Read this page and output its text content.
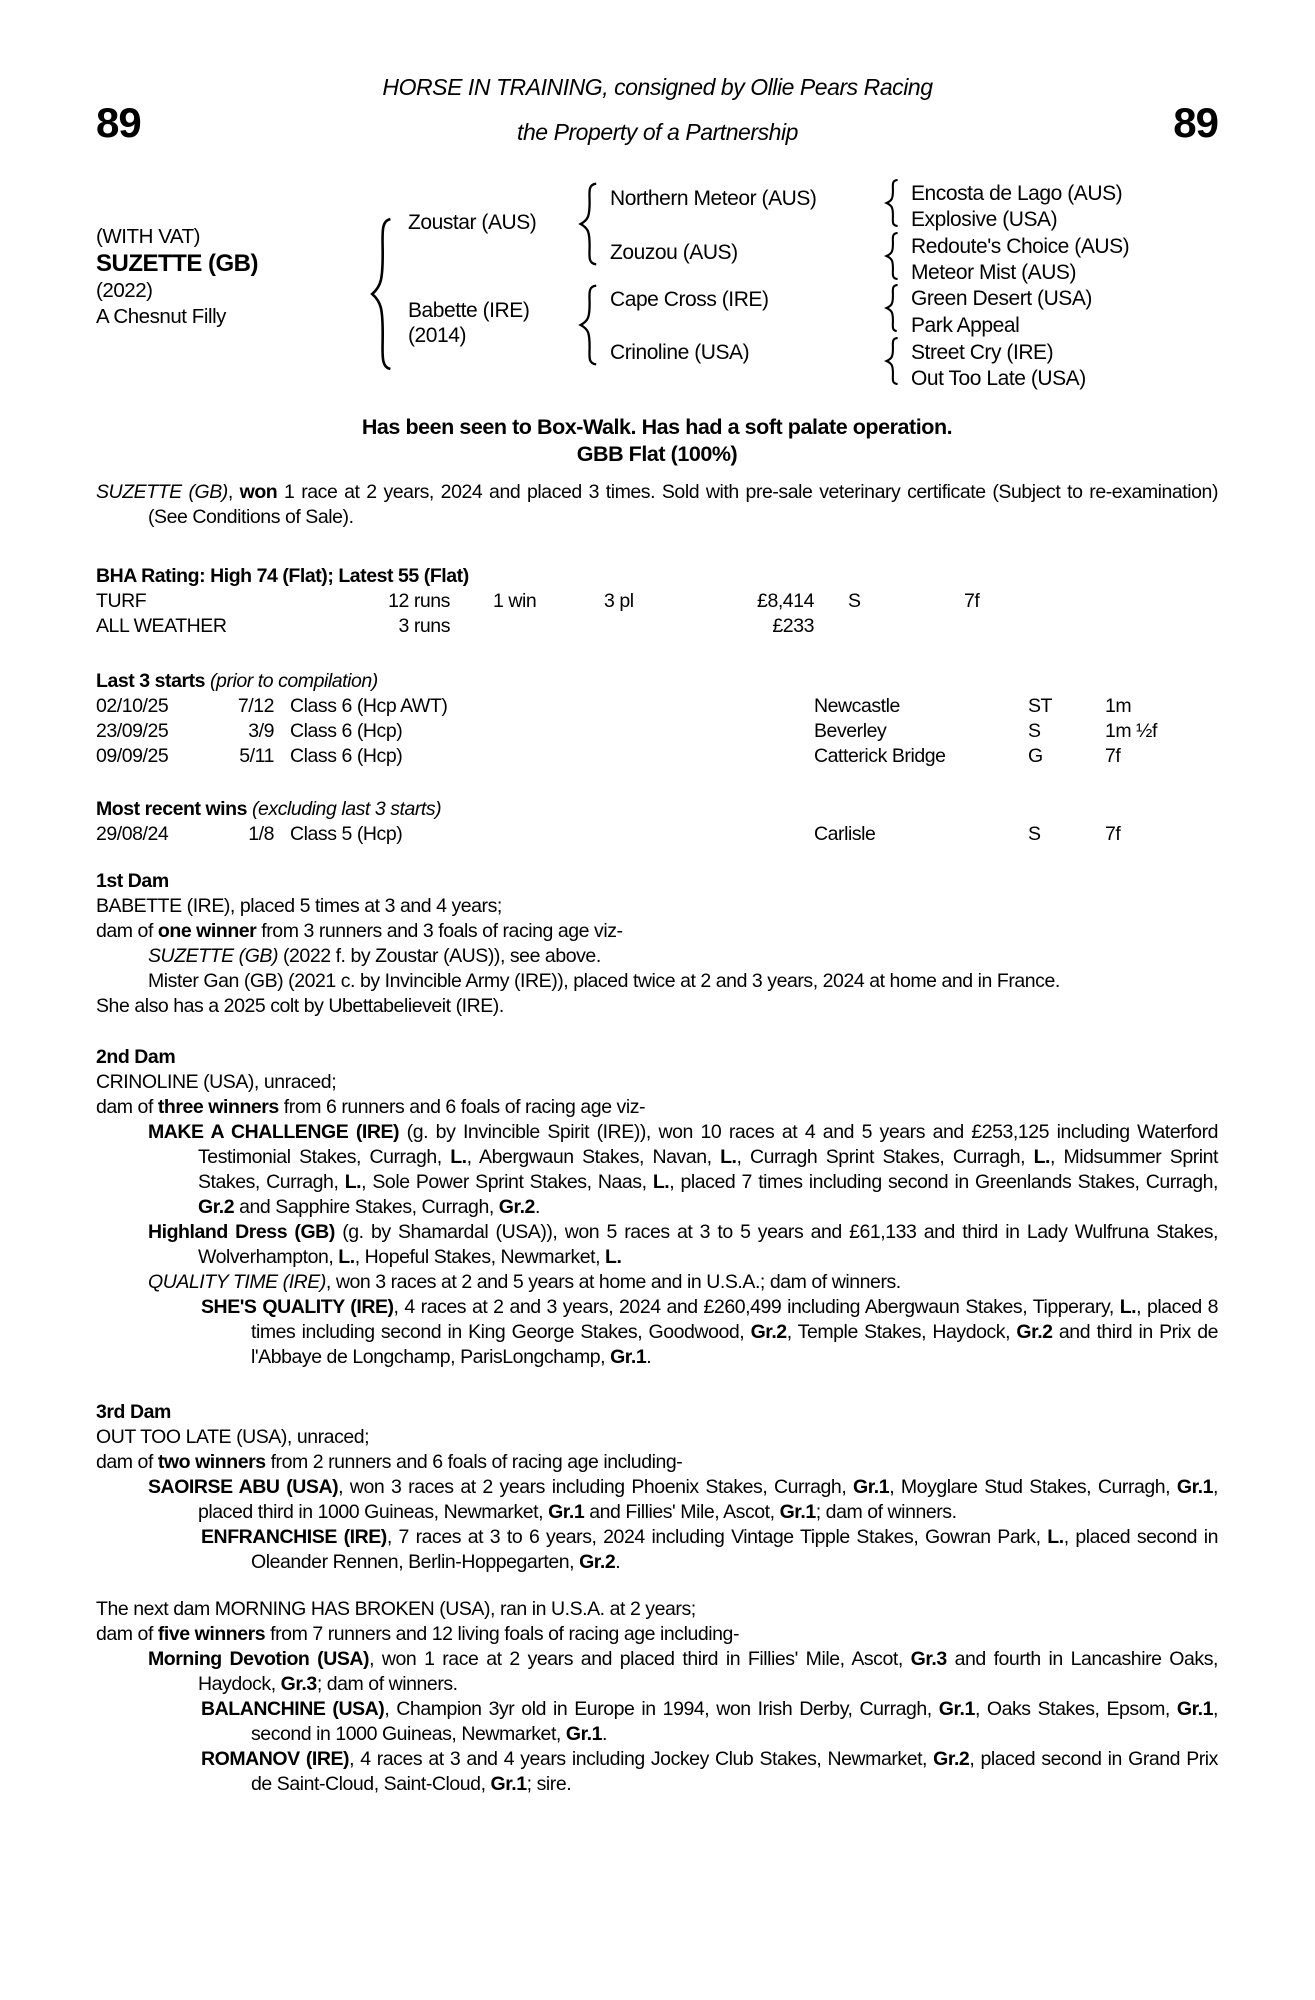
89
HORSE IN TRAINING, consigned by Ollie Pears Racing
the Property of a Partnership	89
(WITH VAT)
SUZETTE (GB)
(2022)
A Chesnut Filly
Zoustar (AUS)
Babette (IRE)
(2014)
Northern Meteor (AUS)
Zouzou (AUS)
Cape Cross (IRE)
Crinoline (USA)
Encosta de Lago (AUS)
Explosive (USA)
Redoute's Choice (AUS)
Meteor Mist (AUS)
Green Desert (USA)
Park Appeal
Street Cry (IRE)
Out Too Late (USA)
Has been seen to Box-Walk. Has had a soft palate operation.
GBB Flat (100%)
SUZETTE (GB), won 1 race at 2 years, 2024 and placed 3 times. Sold with pre-sale veterinary certificate (Subject to re-examination) (See Conditions of Sale).
BHA Rating: High 74 (Flat); Latest 55 (Flat)
TURF	12 runs 1 win	3 pl	£8,414 S	7f
ALL WEATHER	3 runs	£233
Last 3 starts (prior to compilation)
02/10/25	7/12 Class 6 (Hcp AWT)	Newcastle	ST	1m
23/09/25	3/9 Class 6 (Hcp)	Beverley	S	1m ½f
09/09/25	5/11 Class 6 (Hcp)	Catterick Bridge	G	7f
Most recent wins (excluding last 3 starts)
29/08/24	1/8 Class 5 (Hcp)	Carlisle	S	7f
1st Dam
BABETTE (IRE), placed 5 times at 3 and 4 years;
dam of one winner from 3 runners and 3 foals of racing age viz-
SUZETTE (GB) (2022 f. by Zoustar (AUS)), see above.
Mister Gan (GB) (2021 c. by Invincible Army (IRE)), placed twice at 2 and 3 years, 2024 at home and in France.
She also has a 2025 colt by Ubettabelieveit (IRE).
2nd Dam
CRINOLINE (USA), unraced;
dam of three winners from 6 runners and 6 foals of racing age viz-
MAKE A CHALLENGE (IRE) (g. by Invincible Spirit (IRE)), won 10 races at 4 and 5 years and £253,125 including Waterford Testimonial Stakes, Curragh, L., Abergwaun Stakes, Navan, L., Curragh Sprint Stakes, Curragh, L., Midsummer Sprint Stakes, Curragh, L., Sole Power Sprint Stakes, Naas, L., placed 7 times including second in Greenlands Stakes, Curragh, Gr.2 and Sapphire Stakes, Curragh, Gr.2.
Highland Dress (GB) (g. by Shamardal (USA)), won 5 races at 3 to 5 years and £61,133 and third in Lady Wulfruna Stakes, Wolverhampton, L., Hopeful Stakes, Newmarket, L.
QUALITY TIME (IRE), won 3 races at 2 and 5 years at home and in U.S.A.; dam of winners.
SHE'S QUALITY (IRE), 4 races at 2 and 3 years, 2024 and £260,499 including Abergwaun Stakes, Tipperary, L., placed 8 times including second in King George Stakes, Goodwood, Gr.2, Temple Stakes, Haydock, Gr.2 and third in Prix de l'Abbaye de Longchamp, ParisLongchamp, Gr.1.
3rd Dam
OUT TOO LATE (USA), unraced;
dam of two winners from 2 runners and 6 foals of racing age including-
SAOIRSE ABU (USA), won 3 races at 2 years including Phoenix Stakes, Curragh, Gr.1, Moyglare Stud Stakes, Curragh, Gr.1, placed third in 1000 Guineas, Newmarket, Gr.1 and Fillies' Mile, Ascot, Gr.1; dam of winners.
ENFRANCHISE (IRE), 7 races at 3 to 6 years, 2024 including Vintage Tipple Stakes, Gowran Park, L., placed second in Oleander Rennen, Berlin-Hoppegarten, Gr.2.
The next dam MORNING HAS BROKEN (USA), ran in U.S.A. at 2 years;
dam of five winners from 7 runners and 12 living foals of racing age including-
Morning Devotion (USA), won 1 race at 2 years and placed third in Fillies' Mile, Ascot, Gr.3 and fourth in Lancashire Oaks, Haydock, Gr.3; dam of winners.
BALANCHINE (USA), Champion 3yr old in Europe in 1994, won Irish Derby, Curragh, Gr.1, Oaks Stakes, Epsom, Gr.1, second in 1000 Guineas, Newmarket, Gr.1.
ROMANOV (IRE), 4 races at 3 and 4 years including Jockey Club Stakes, Newmarket, Gr.2, placed second in Grand Prix de Saint-Cloud, Saint-Cloud, Gr.1; sire.
